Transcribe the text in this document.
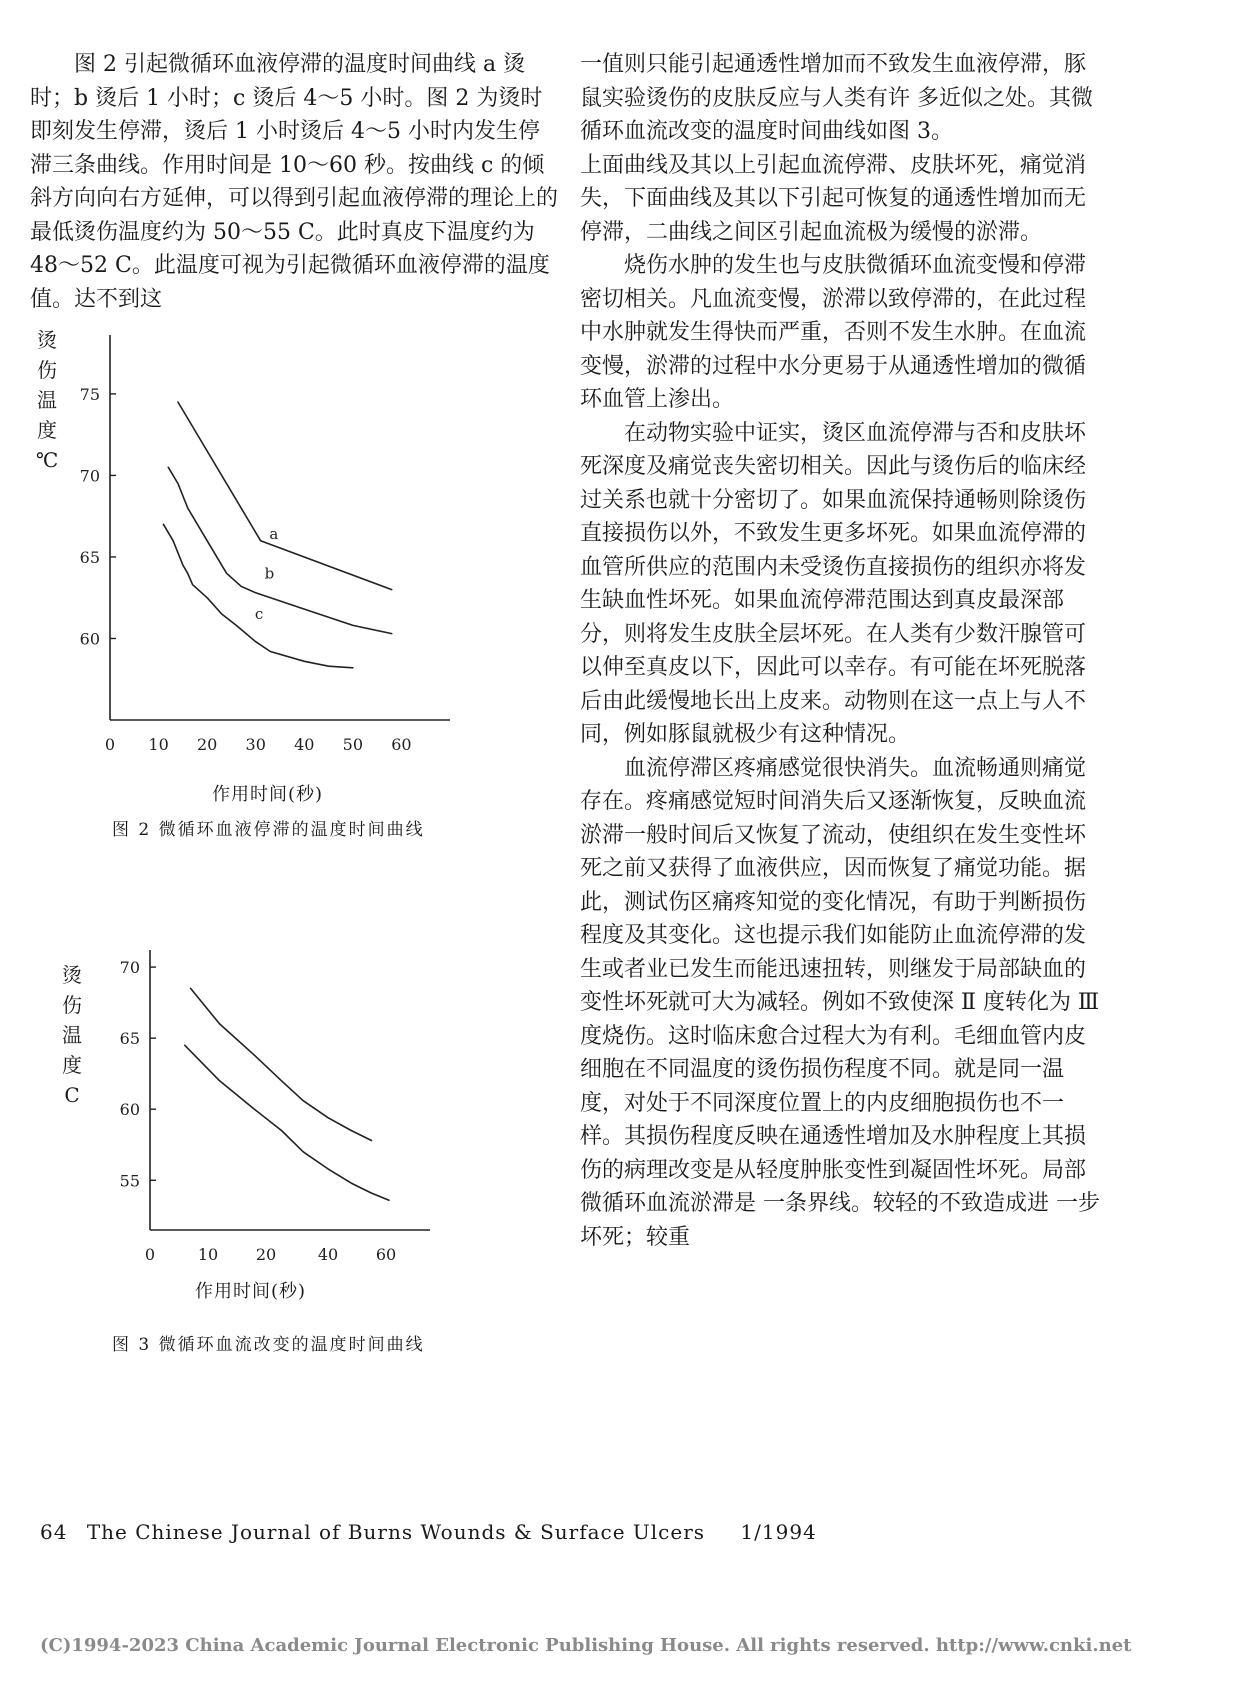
图 2 引起微循环血液停滞的温度时间曲线 a 烫时；b 烫后 1 小时；c 烫后 4～5 小时。图 2 为烫时即刻发生停滞，烫后 1 小时烫后 4～5 小时内发生停滞三条曲线。作用时间是 10～60 秒。按曲线 c 的倾斜方向向右方延伸，可以得到引起血液停滞的理论上的最低烫伤温度约为 50～55 C。此时真皮下温度约为 48～52 C。此温度可视为引起微循环血液停滞的温度值。达不到这

一值则只能引起通透性增加而不致发生血液停滞，豚鼠实验烫伤的皮肤反应与人类有许 多近似之处。其微循环血流改变的温度时间曲线如图 3。

上面曲线及其以上引起血流停滞、皮肤坏死，痛觉消失，下面曲线及其以下引起可恢复的通透性增加而无停滞，二曲线之间区引起血流极为缓慢的淤滞。

烧伤水肿的发生也与皮肤微循环血流变慢和停滞密切相关。凡血流变慢，淤滞以致停滞的，在此过程中水肿就发生得快而严重，否则不发生水肿。在血流变慢，淤滞的过程中水分更易于从通透性增加的微循环血管上渗出。

在动物实验中证实，烫区血流停滞与否和皮肤坏死深度及痛觉丧失密切相关。因此与烫伤后的临床经过关系也就十分密切了。如果血流保持通畅则除烫伤直接损伤以外，不致发生更多坏死。如果血流停滞的血管所供应的范围内未受烫伤直接损伤的组织亦将发生缺血性坏死。如果血流停滞范围达到真皮最深部分，则将发生皮肤全层坏死。在人类有少数汗腺管可以伸至真皮以下，因此可以幸存。有可能在坏死脱落后由此缓慢地长出上皮来。动物则在这一点上与人不同，例如豚鼠就极少有这种情况。

血流停滞区疼痛感觉很快消失。血流畅通则痛觉存在。疼痛感觉短时间消失后又逐渐恢复，反映血流淤滞一般时间后又恢复了流动，使组织在发生变性坏死之前又获得了血液供应，因而恢复了痛觉功能。据此，测试伤区痛疼知觉的变化情况，有助于判断损伤程度及其变化。这也提示我们如能防止血流停滞的发生或者业已发生而能迅速扭转，则继发于局部缺血的变性坏死就可大为减轻。例如不致使深 Ⅱ 度转化为 Ⅲ 度烧伤。这时临床愈合过程大为有利。毛细血管内皮细胞在不同温度的烫伤损伤程度不同。就是同一温度，对处于不同深度位置上的内皮细胞损伤也不一样。其损伤程度反映在通透性增加及水肿程度上其损伤的病理改变是从轻度肿胀变性到凝固性坏死。局部微循环血流淤滞是 一条界线。较轻的不致造成进 一步坏死；较重

烫
伤
温
度
℃
60
65
70
75
0 10 20 30 40 50 60
a
b
c
作用时间(秒)
图 2 微循环血液停滞的温度时间曲线
烫
伤
温
度
C
55
60
65
70
0	10 20	40 60
作用时间(秒)
图 3 微循环血流改变的温度时间曲线
64 The Chinese Journal of Burns Wounds & Surface Ulcers 1/1994
(C)1994-2023 China Academic Journal Electronic Publishing House. All rights reserved. http://www.cnki.net
